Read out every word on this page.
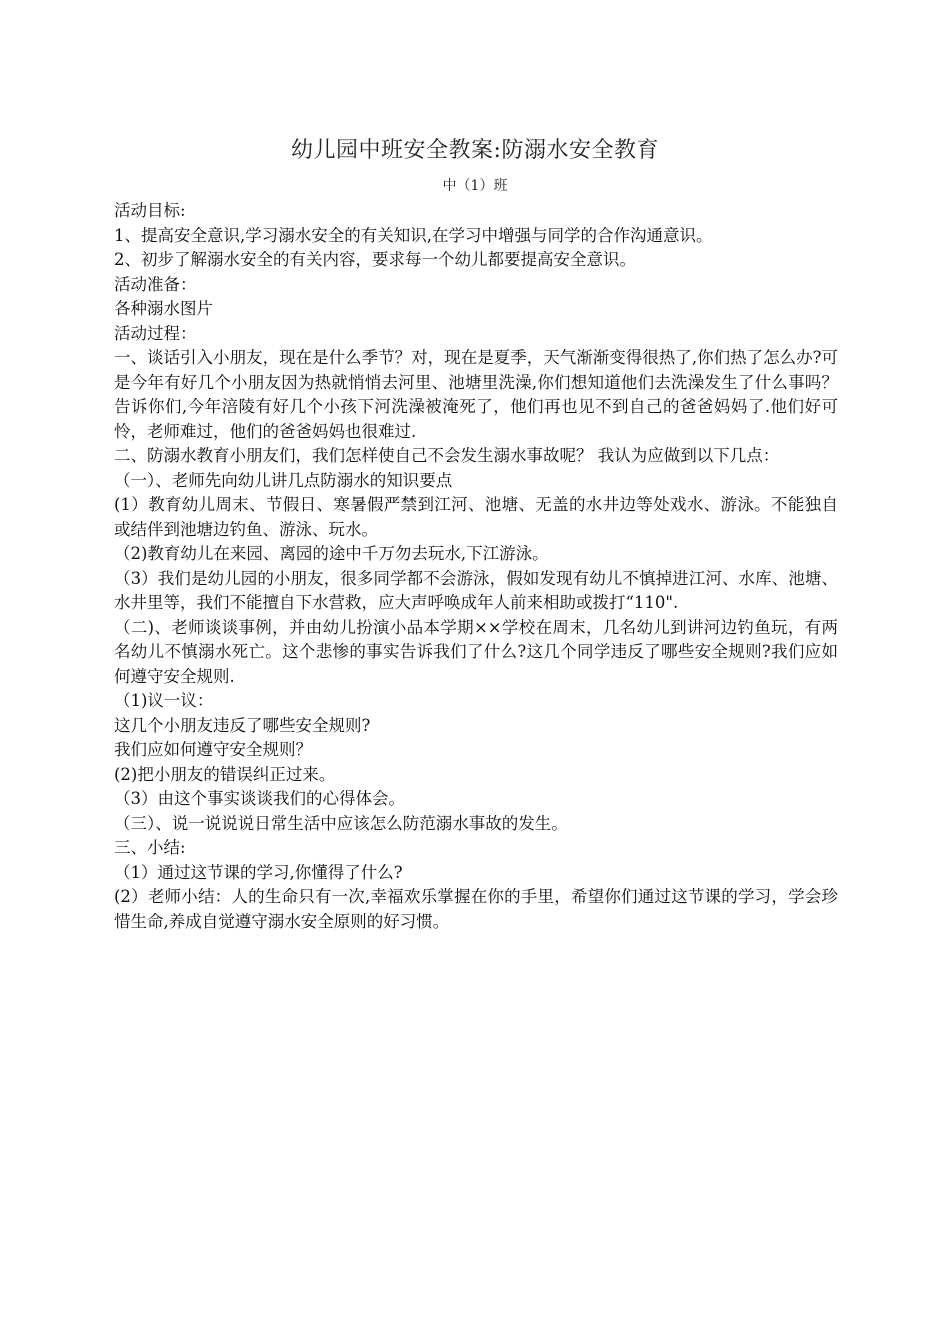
幼儿园中班安全教案:防溺水安全教育
中（1）班

活动目标:

1、提高安全意识,学习溺水安全的有关知识,在学习中增强与同学的合作沟通意识。

2、初步了解溺水安全的有关内容，要求每一个幼儿都要提高安全意识。

活动准备：

各种溺水图片

活动过程：

一、谈话引入小朋友，现在是什么季节？对，现在是夏季，天气渐渐变得很热了,你们热了怎么办?可是今年有好几个小朋友因为热就悄悄去河里、池塘里洗澡,你们想知道他们去洗澡发生了什么事吗？告诉你们,今年涪陵有好几个小孩下河洗澡被淹死了，他们再也见不到自己的爸爸妈妈了.他们好可怜，老师难过，他们的爸爸妈妈也很难过.

二、防溺水教育小朋友们，我们怎样使自己不会发生溺水事故呢？ 我认为应做到以下几点：

（一）、老师先向幼儿讲几点防溺水的知识要点

(1）教育幼儿周末、节假日、寒暑假严禁到江河、池塘、无盖的水井边等处戏水、游泳。不能独自或结伴到池塘边钓鱼、游泳、玩水。

（2)教育幼儿在来园、离园的途中千万勿去玩水,下江游泳。

（3）我们是幼儿园的小朋友，很多同学都不会游泳，假如发现有幼儿不慎掉进江河、水库、池塘、水井里等，我们不能擅自下水营救，应大声呼唤成年人前来相助或拨打“110".

（二)、老师谈谈事例，并由幼儿扮演小品本学期××学校在周末，几名幼儿到讲河边钓鱼玩，有两名幼儿不慎溺水死亡。这个悲惨的事实告诉我们了什么?这几个同学违反了哪些安全规则?我们应如何遵守安全规则.

（1)议一议：

这几个小朋友违反了哪些安全规则?

我们应如何遵守安全规则？

(2)把小朋友的错误纠正过来。

（3）由这个事实谈谈我们的心得体会。

（三）、说一说说说日常生活中应该怎么防范溺水事故的发生。

三、小结:

（1）通过这节课的学习,你懂得了什么?

(2）老师小结：人的生命只有一次,幸福欢乐掌握在你的手里，希望你们通过这节课的学习，学会珍惜生命,养成自觉遵守溺水安全原则的好习惯。
